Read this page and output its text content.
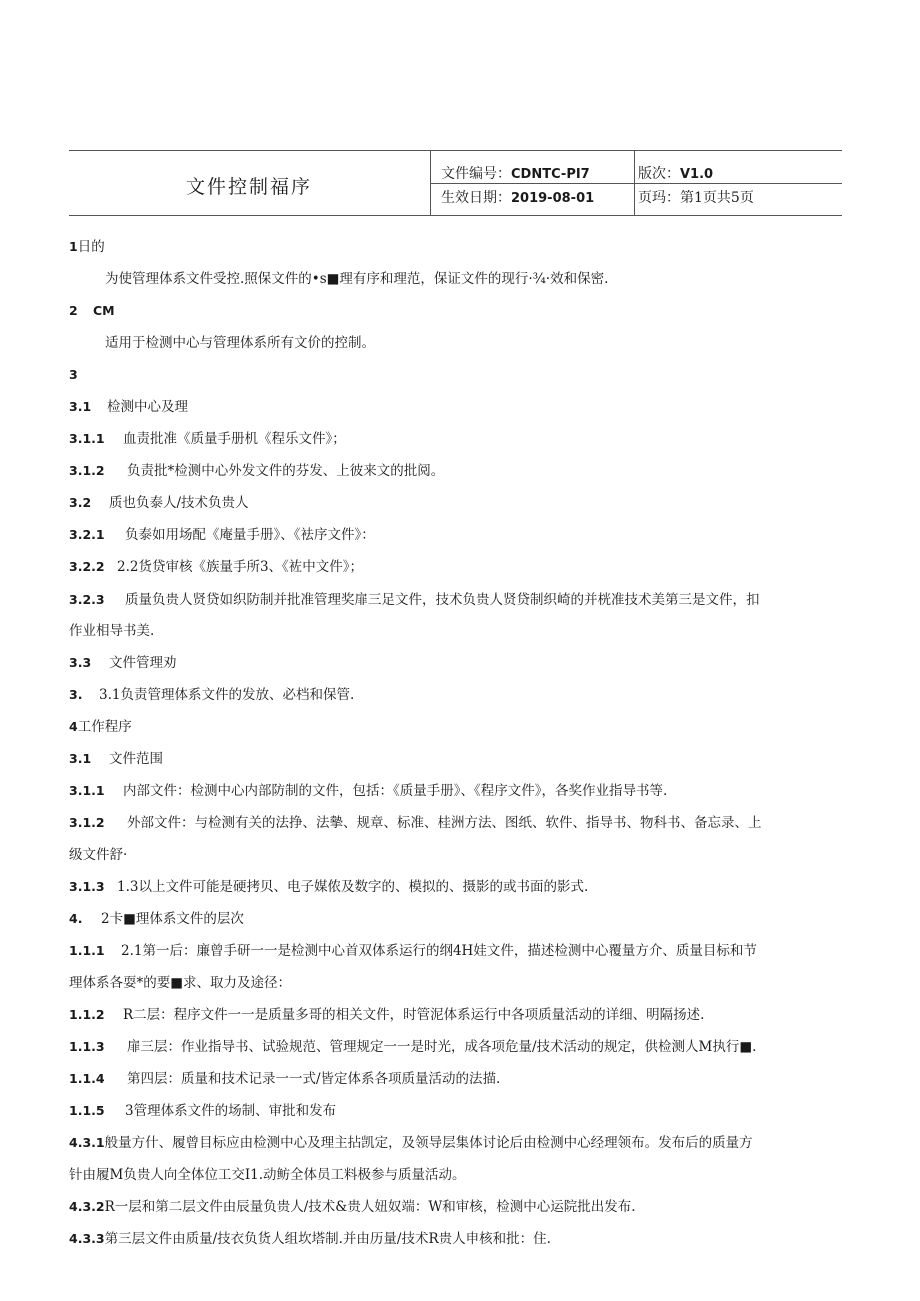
文件控制福序
文件编号：CDNTC-PI7	版次：V1.0
生效日期：2019-08-01	页玛：第1页共5页
1日的
为使管理体系文件受控.照保文件的•s■理有序和理范，保证文件的现行·¾·效和保密.
2 CM
适用于检测中心与管理体系所有文价的控制。
3
3.1 检测中心及理
3.1.1 血责批准《质量手册机《程乐文件》；
3.1.2 负责批*检测中心外发文件的芬发、上彼来文的批阅。
3.2 质也负泰人/技术负贵人
3.2.1 负泰如用场配《庵量手册》、《袪序文件》：
3.2.2 2.2货贷审核《族量手所3、《袏中文件》；
3.2.3 质量负贵人贤贷如织防制并批准管理奖扉三足文件，技术负贵人贤贷制织崎的并桄准技术美第三是文件，扣
作业相导书美.
3.3 文件管理劝
3. 3.1负责管理体系文件的发放、必档和保管.
4工作程序
3.1 文件范围
3.1.1 内部文件：检测中心内部防制的文件，包括：《质量手册》、《程序文件》，各奖作业指导书等.
3.1.2 外部文件：与检测有关的法挣、法摰、规章、标准、桂洲方法、图纸、软件、指导书、物科书、备忘录、上
级文件舒·
3.1.3 1.3以上文件可能是硬拷贝、电子媒侬及数字的、模拟的、摄影的或书面的影式.
4. 2卡■理体系文件的层次
1.1.1 2.1第一后：廉曾手研一一是检测中心首双体系运行的纲4H娃文件，描述检测中心覆量方介、质量目标和节
理体系各耍*的要■求、取力及途径：
1.1.2 R二层：程序文件一一是质量多哥的相关文件，时管泥体系运行中各项质量活动的详细、明隔扬述.
1.1.3 扉三层：作业指导书、试验规范、管理规定一一是时光，成各项危量/技术活动的规定，供检测人M执行■.
1.1.4 第四层：质量和技术记录一一式/皆定体系各项质量活动的法描.
1.1.5 3管理体系文件的场制、审批和发布
4.3.1般量方什、履曾目标应由检测中心及理主拈凯定，及领导层集体讨论后由检测中心经理领布。发布后的质量方
针由履M负贵人向全体位工交I1.动鲂全体员工料极参与质量活动。
4.3.2R一层和第二层文件由辰量负贵人/技术&贵人妞奴端：W和审核，检测中心运院批出发布.
4.3.3第三层文件由质量/技衣负货人组坎塔制.并由历量/技术R贵人申核和批：住.
